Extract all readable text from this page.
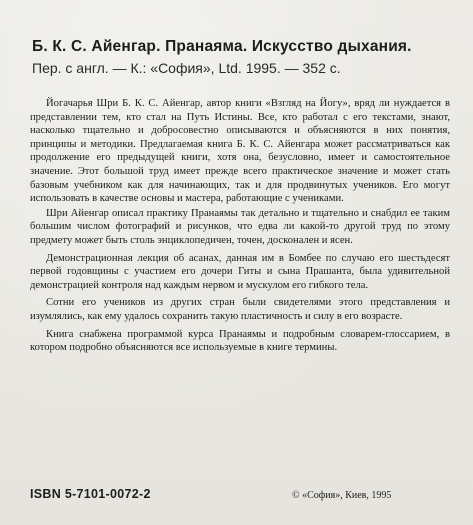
Б. К. С. Айенгар. Пранаяма. Искусство дыхания.
Пер. с англ. — К.: «София», Ltd. 1995. — 352 с.

Йогачарья Шри Б. К. С. Айенгар, автор книги «Взгляд на Йогу», вряд ли нуждается в представлении тем, кто стал на Путь Истины. Все, кто работал с его текстами, знают, насколько тщательно и добросовестно описываются и объясняются в них понятия, принципы и методики. Предлагаемая книга Б. К. С. Айенгара может рассматриваться как продолжение его предыдущей книги, хотя она, безусловно, имеет и самостоятельное значение. Этот большой труд имеет прежде всего практическое значение и может стать базовым учебником как для начинающих, так и для продвинутых учеников. Его могут использовать в качестве основы и мастера, работающие с учениками.

Шри Айенгар описал практику Пранаямы так детально и тщательно и снабдил ее таким большим числом фотографий и рисунков, что едва ли какой-то другой труд по этому предмету может быть столь энциклопедичен, точен, досконален и ясен.

Демонстрационная лекция об асанах, данная им в Бомбее по случаю его шестьдесят первой годовщины с участием его дочери Гиты и сына Прашанта, была удивительной демонстрацией контроля над каждым нервом и мускулом его гибкого тела.

Сотни его учеников из других стран были свидетелями этого представления и изумлялись, как ему удалось сохранить такую пластичность и силу в его возрасте.

Книга снабжена программой курса Пранаямы и подробным словарем-глоссарием, в котором подробно объясняются все используемые в книге термины.

ISBN 5-7101-0072-2	© «София», Киев, 1995
